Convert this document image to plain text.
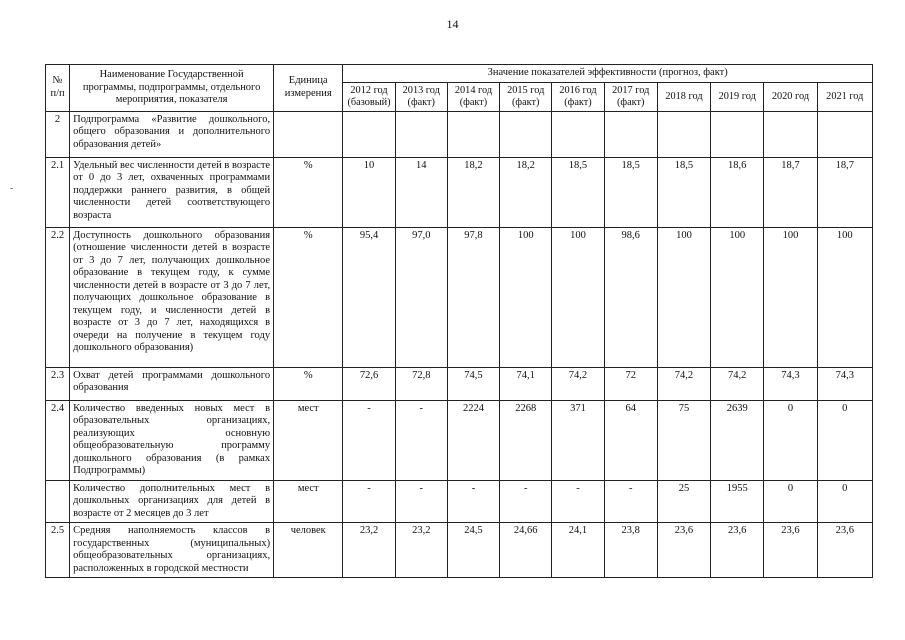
14
№
п/п	Наименование Государственной программы, подпрограммы, отдельного мероприятия, показателя	Единица измерения	Значение показателей эффективности (прогноз, факт)									
			2012 год (базовый)	2013 год (факт)	2014 год (факт)	2015 год (факт)	2016 год (факт)	2017 год (факт)	2018 год	2019 год	2020 год	2021 год
2	Подпрограмма «Развитие дошкольного, общего образования и дополнительного образования детей»											
2.1	Удельный вес численности детей в возрасте от 0 до 3 лет, охваченных программами поддержки раннего развития, в общей численности детей соответствующего возраста	%	10	14	18,2	18,2	18,5	18,5	18,5	18,6	18,7	18,7
2.2	Доступность дошкольного образования (отношение численности детей в возрасте от 3 до 7 лет, получающих дошкольное образование в текущем году, к сумме численности детей в возрасте от 3 до 7 лет, получающих дошкольное образование в текущем году, и численности детей в возрасте от 3 до 7 лет, находящихся в очереди на получение в текущем году дошкольного образования)	%	95,4	97,0	97,8	100	100	98,6	100	100	100	100
2.3	Охват детей программами дошкольного образования	%	72,6	72,8	74,5	74,1	74,2	72	74,2	74,2	74,3	74,3
2.4	Количество введенных новых мест в образовательных организациях, реализующих основную общеобразовательную программу дошкольного образования (в рамках Подпрограммы)	мест	-	-	2224	2268	371	64	75	2639	0	0
	Количество дополнительных мест в дошкольных организациях для детей в возрасте от 2 месяцев до 3 лет	мест	-	-	-	-	-	-	25	1955	0	0
2.5	Средняя наполняемость классов в государственных (муниципальных) общеобразовательных организациях, расположенных в городской местности	человек	23,2	23,2	24,5	24,66	24,1	23,8	23,6	23,6	23,6	23,6
-
